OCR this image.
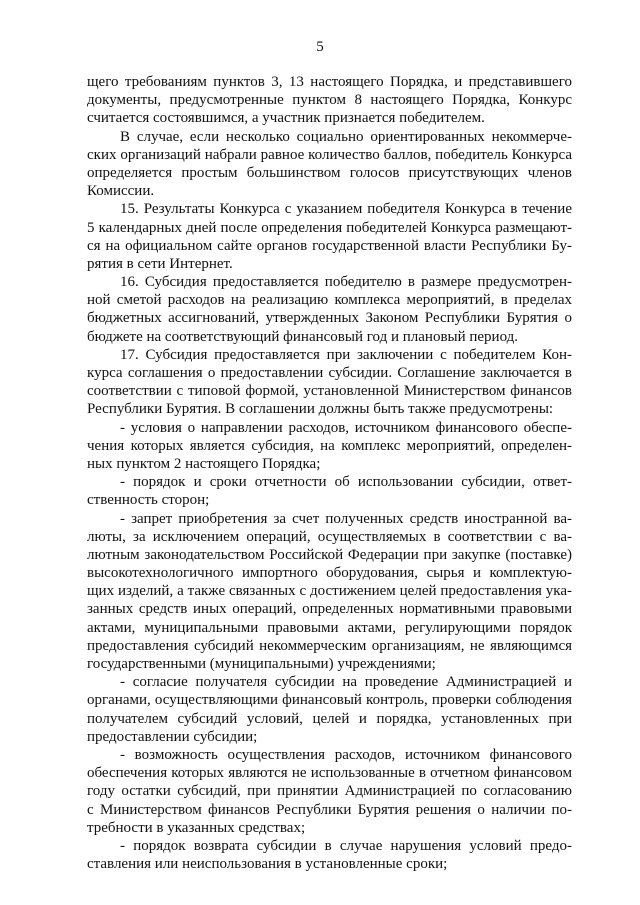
5
щего требованиям пунктов 3, 13 настоящего Порядка, и представившего
документы, предусмотренные пунктом 8 настоящего Порядка, Конкурс
считается состоявшимся, а участник признается победителем.
В случае, если несколько социально ориентированных некоммерче-
ских организаций набрали равное количество баллов, победитель Конкурса
определяется простым большинством голосов присутствующих членов
Комиссии.
15. Результаты Конкурса с указанием победителя Конкурса в течение
5 календарных дней после определения победителей Конкурса размещают-
ся на официальном сайте органов государственной власти Республики Бу-
рятия в сети Интернет.
16. Субсидия предоставляется победителю в размере предусмотрен-
ной сметой расходов на реализацию комплекса мероприятий, в пределах
бюджетных ассигнований, утвержденных Законом Республики Бурятия о
бюджете на соответствующий финансовый год и плановый период.
17. Субсидия предоставляется при заключении с победителем Кон-
курса соглашения о предоставлении субсидии. Соглашение заключается в
соответствии с типовой формой, установленной Министерством финансов
Республики Бурятия. В соглашении должны быть также предусмотрены:
- условия о направлении расходов, источником финансового обеспе-
чения которых является субсидия, на комплекс мероприятий, определен-
ных пунктом 2 настоящего Порядка;
- порядок и сроки отчетности об использовании субсидии, ответ-
ственность сторон;
- запрет приобретения за счет полученных средств иностранной ва-
люты, за исключением операций, осуществляемых в соответствии с ва-
лютным законодательством Российской Федерации при закупке (поставке)
высокотехнологичного импортного оборудования, сырья и комплектую-
щих изделий, а также связанных с достижением целей предоставления ука-
занных средств иных операций, определенных нормативными правовыми
актами, муниципальными правовыми актами, регулирующими порядок
предоставления субсидий некоммерческим организациям, не являющимся
государственными (муниципальными) учреждениями;
- согласие получателя субсидии на проведение Администрацией и
органами, осуществляющими финансовый контроль, проверки соблюдения
получателем субсидий условий, целей и порядка, установленных при
предоставлении субсидии;
- возможность осуществления расходов, источником финансового
обеспечения которых являются не использованные в отчетном финансовом
году остатки субсидий, при принятии Администрацией по согласованию
с Министерством финансов Республики Бурятия решения о наличии по-
требности в указанных средствах;
- порядок возврата субсидии в случае нарушения условий предо-
ставления или неиспользования в установленные сроки;
